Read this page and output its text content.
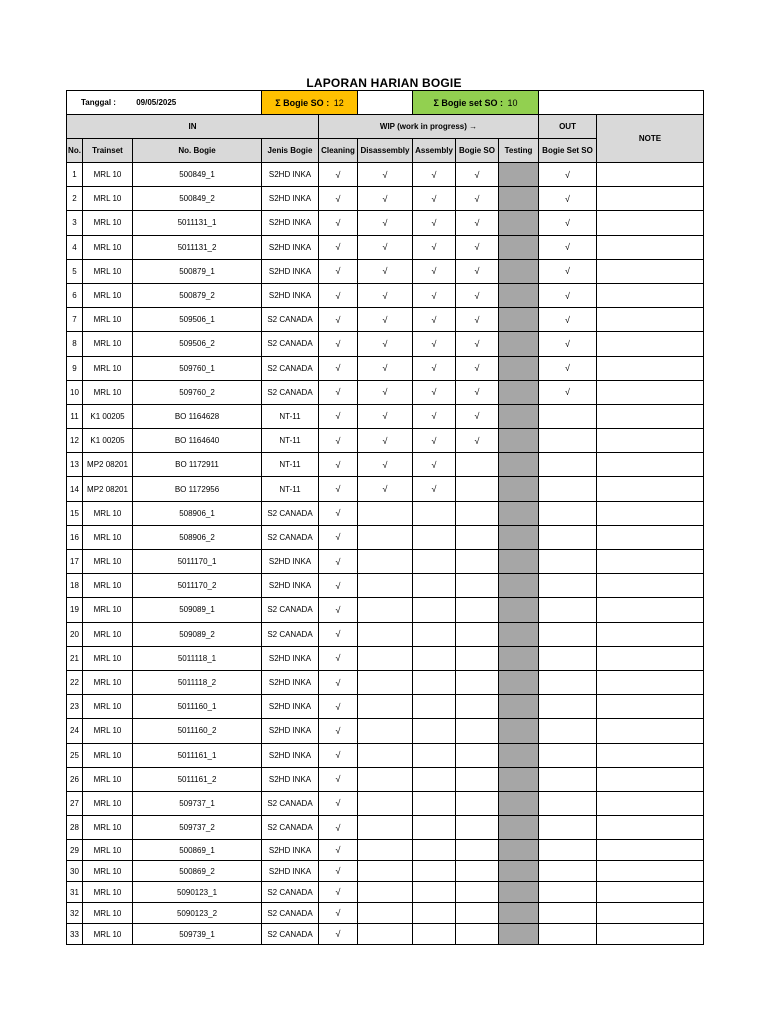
LAPORAN HARIAN BOGIE
Tanggal : 09/05/2025			Σ Bogie SO : 12			Σ Bogie set SO : 10				
IN				WIP (work in progress) →					OUT	NOTE
No.	Trainset	No. Bogie	Jenis Bogie	Cleaning	Disassembly	Assembly	Bogie SO	Testing	Bogie Set SO	
1	MRL 10	500849_1	S2HD INKA	√	√	√	√		√	
2	MRL 10	500849_2	S2HD INKA	√	√	√	√		√	
3	MRL 10	5011131_1	S2HD INKA	√	√	√	√		√	
4	MRL 10	5011131_2	S2HD INKA	√	√	√	√		√	
5	MRL 10	500879_1	S2HD INKA	√	√	√	√		√	
6	MRL 10	500879_2	S2HD INKA	√	√	√	√		√	
7	MRL 10	509506_1	S2 CANADA	√	√	√	√		√	
8	MRL 10	509506_2	S2 CANADA	√	√	√	√		√	
9	MRL 10	509760_1	S2 CANADA	√	√	√	√		√	
10	MRL 10	509760_2	S2 CANADA	√	√	√	√		√	
11	K1 00205	BO 1164628	NT-11	√	√	√	√			
12	K1 00205	BO 1164640	NT-11	√	√	√	√			
13	MP2 08201	BO 1172911	NT-11	√	√	√				
14	MP2 08201	BO 1172956	NT-11	√	√	√				
15	MRL 10	508906_1	S2 CANADA	√						
16	MRL 10	508906_2	S2 CANADA	√						
17	MRL 10	5011170_1	S2HD INKA	√						
18	MRL 10	5011170_2	S2HD INKA	√						
19	MRL 10	509089_1	S2 CANADA	√						
20	MRL 10	509089_2	S2 CANADA	√						
21	MRL 10	5011118_1	S2HD INKA	√						
22	MRL 10	5011118_2	S2HD INKA	√						
23	MRL 10	5011160_1	S2HD INKA	√						
24	MRL 10	5011160_2	S2HD INKA	√						
25	MRL 10	5011161_1	S2HD INKA	√						
26	MRL 10	5011161_2	S2HD INKA	√						
27	MRL 10	509737_1	S2 CANADA	√						
28	MRL 10	509737_2	S2 CANADA	√						
29	MRL 10	500869_1	S2HD INKA	√						
30	MRL 10	500869_2	S2HD INKA	√						
31	MRL 10	5090123_1	S2 CANADA	√						
32	MRL 10	5090123_2	S2 CANADA	√						
33	MRL 10	509739_1	S2 CANADA	√						
